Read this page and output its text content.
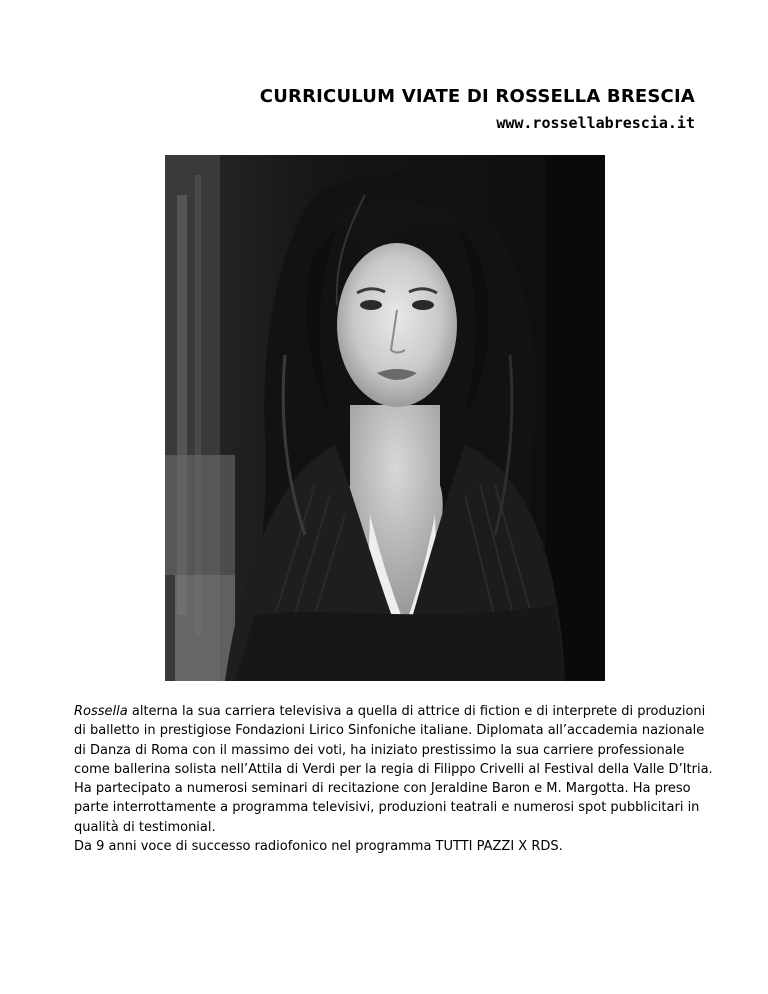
CURRICULUM VIATE DI ROSSELLA BRESCIA
www.rossellabrescia.it

Rossella alterna la sua carriera televisiva a quella di attrice di fiction e di interprete di produzioni di balletto in prestigiose Fondazioni Lirico Sinfoniche italiane. Diplomata all’accademia nazionale di Danza di Roma con il massimo dei voti, ha iniziato prestissimo la sua carriere professionale come ballerina solista nell’Attila di Verdi per la regia di Filippo Crivelli al Festival della Valle D’Itria. Ha partecipato a numerosi seminari di recitazione con Jeraldine Baron e M. Margotta. Ha preso parte interrottamente a programma televisivi, produzioni teatrali e numerosi spot pubblicitari in qualità di testimonial.

Da 9 anni voce di successo radiofonico nel programma TUTTI PAZZI X RDS.
